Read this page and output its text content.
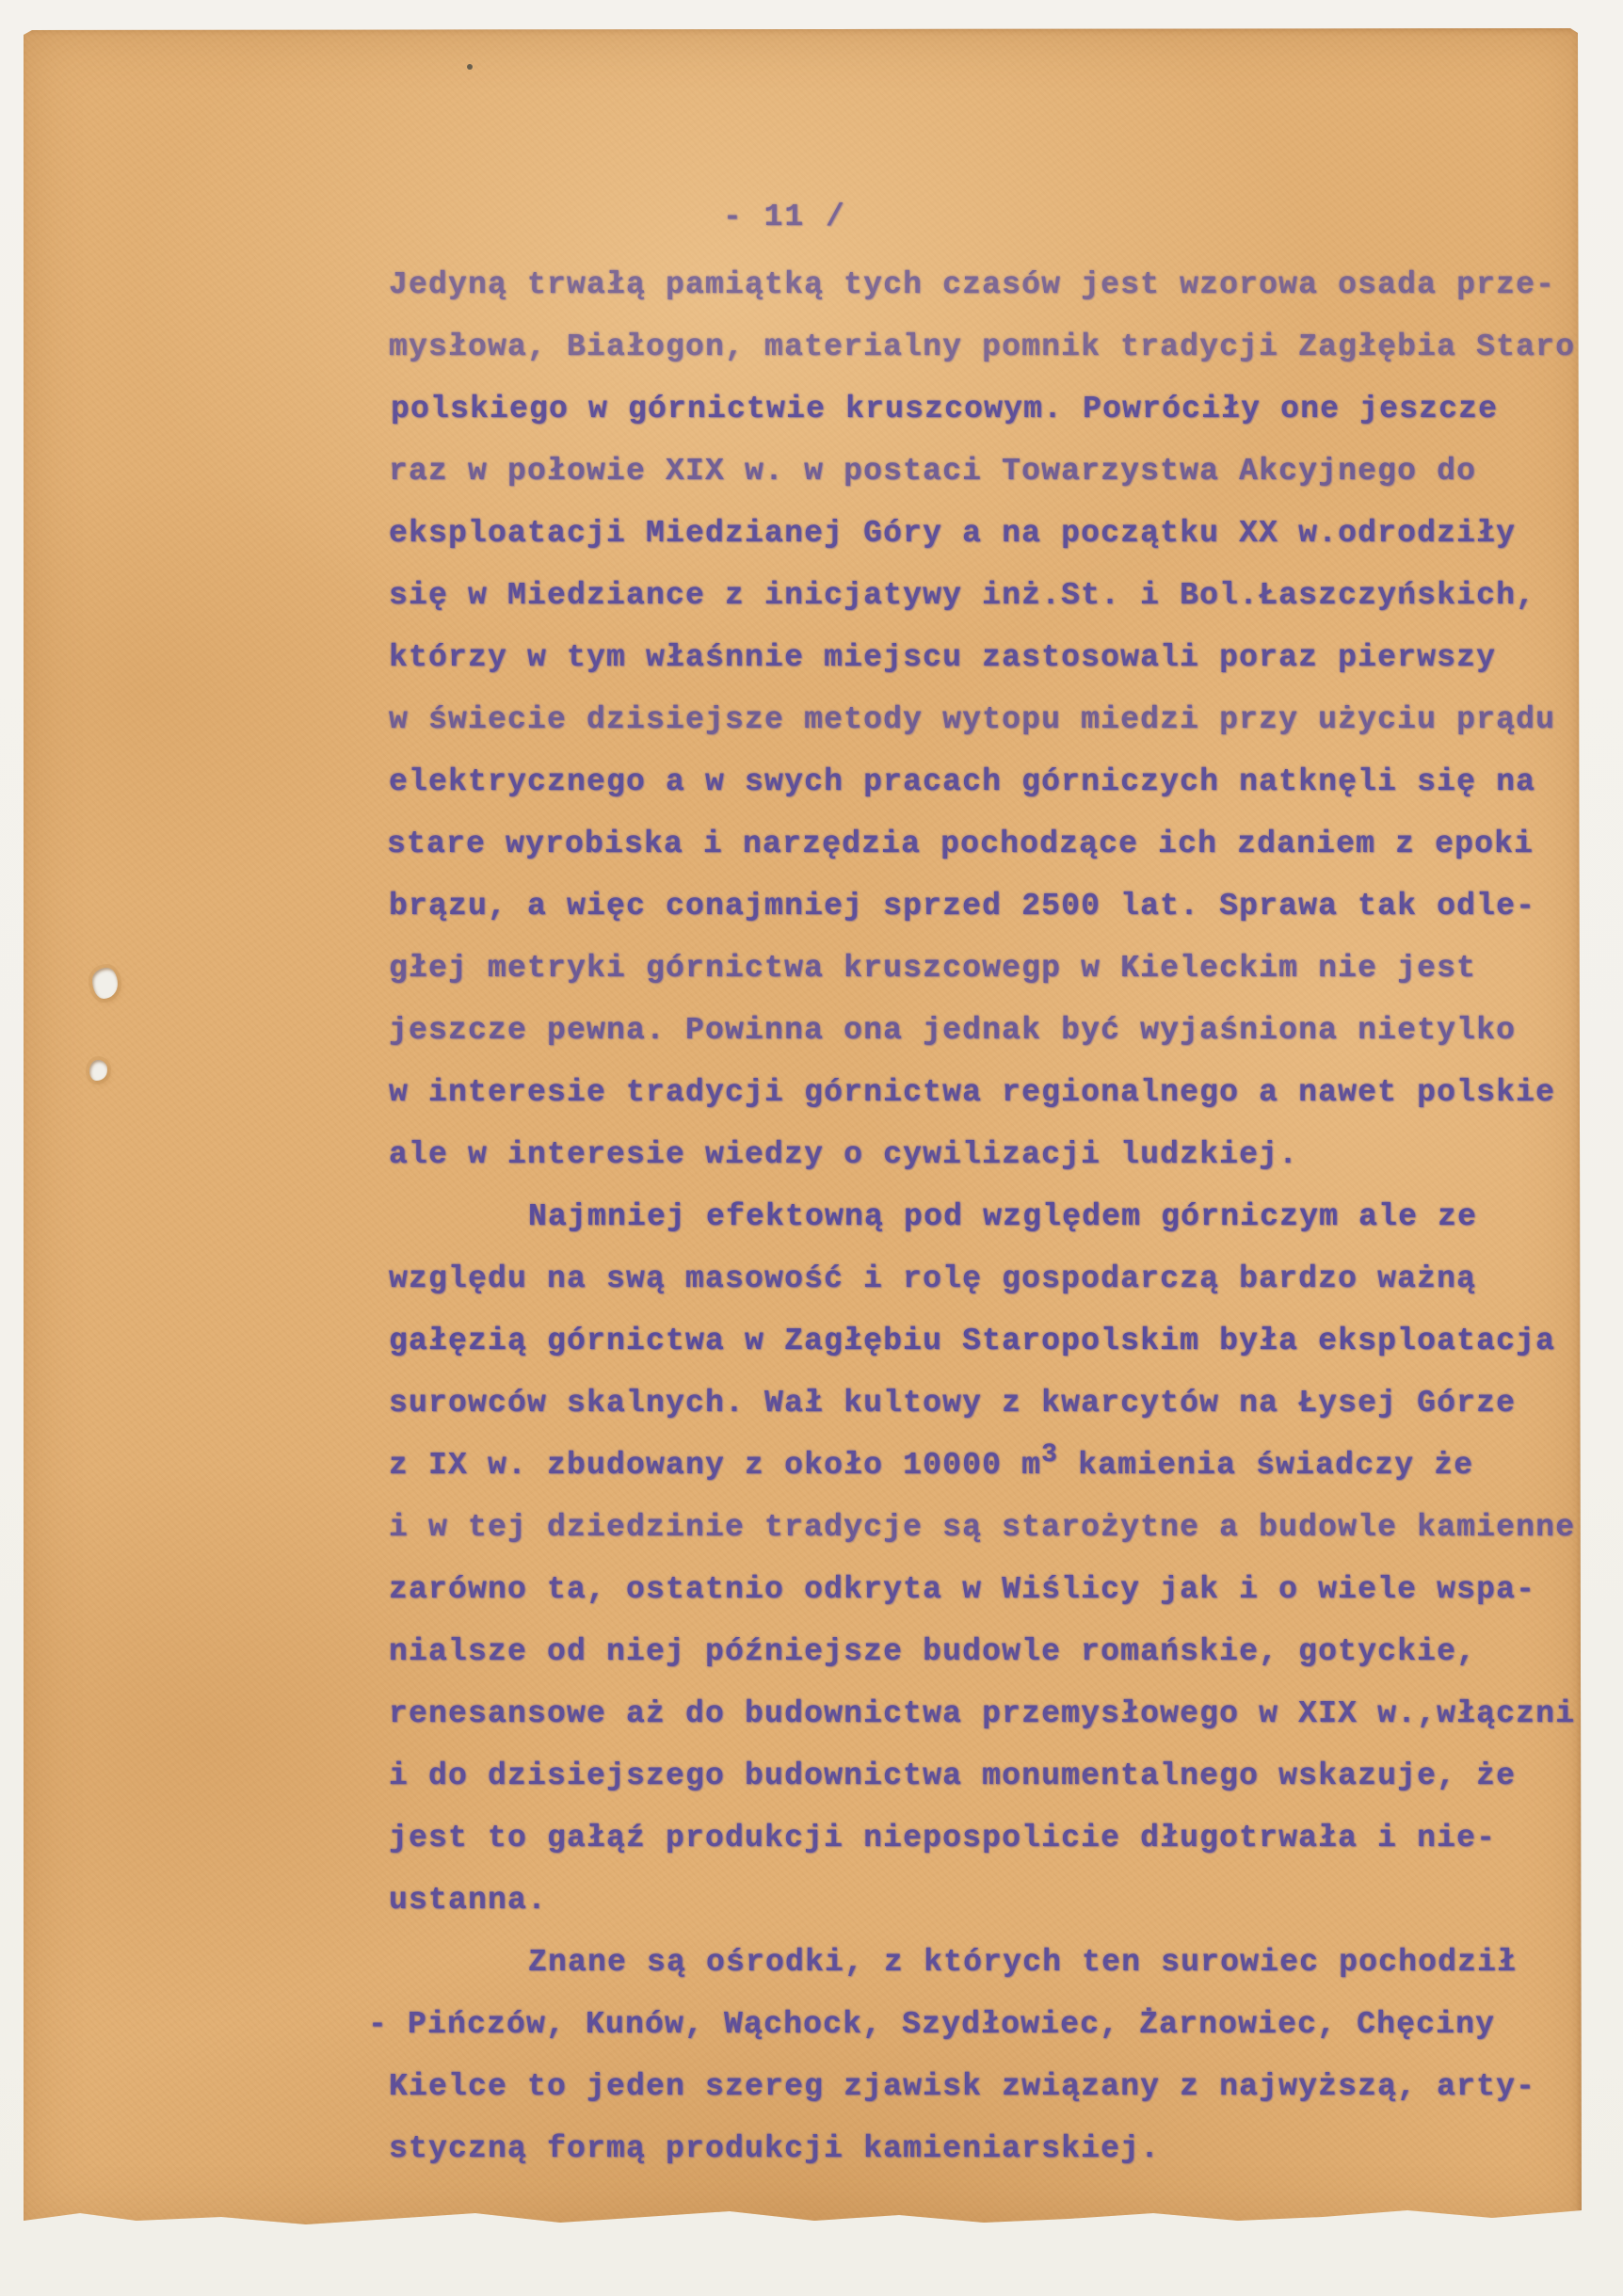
- 11 /
Jedyną trwałą pamiątką tych czasów jest wzorowa osada prze-
mysłowa, Białogon, materialny pomnik tradycji Zagłębia Staro
polskiego w górnictwie kruszcowym. Powróciły one jeszcze
raz w połowie XIX w. w postaci Towarzystwa Akcyjnego do
eksploatacji Miedzianej Góry a na początku XX w.odrodziły
się w Miedziance z inicjatywy inż.St. i Bol.Łaszczyńskich,
którzy w tym właśnnie miejscu zastosowali poraz pierwszy
w świecie dzisiejsze metody wytopu miedzi przy użyciu prądu
elektrycznego a w swych pracach górniczych natknęli się na
stare wyrobiska i narzędzia pochodzące ich zdaniem z epoki
brązu, a więc conajmniej sprzed 2500 lat. Sprawa tak odle-
głej metryki górnictwa kruszcowegp w Kieleckim nie jest
jeszcze pewna. Powinna ona jednak być wyjaśniona nietylko
w interesie tradycji górnictwa regionalnego a nawet polskie
ale w interesie wiedzy o cywilizacji ludzkiej.
Najmniej efektowną pod względem górniczym ale ze
względu na swą masowość i rolę gospodarczą bardzo ważną
gałęzią górnictwa w Zagłębiu Staropolskim była eksploatacja
surowców skalnych. Wał kultowy z kwarcytów na Łysej Górze
z IX w. zbudowany z około 10000 m3 kamienia świadczy że
i w tej dziedzinie tradycje są starożytne a budowle kamienne
zarówno ta, ostatnio odkryta w Wiślicy jak i o wiele wspa-
nialsze od niej późniejsze budowle romańskie, gotyckie,
renesansowe aż do budownictwa przemysłowego w XIX w.,włączni
i do dzisiejszego budownictwa monumentalnego wskazuje, że
jest to gałąź produkcji niepospolicie długotrwała i nie-
ustanna.
Znane są ośrodki, z których ten surowiec pochodził
- Pińczów, Kunów, Wąchock, Szydłowiec, Żarnowiec, Chęciny
Kielce to jeden szereg zjawisk związany z najwyższą, arty-
styczną formą produkcji kamieniarskiej.
